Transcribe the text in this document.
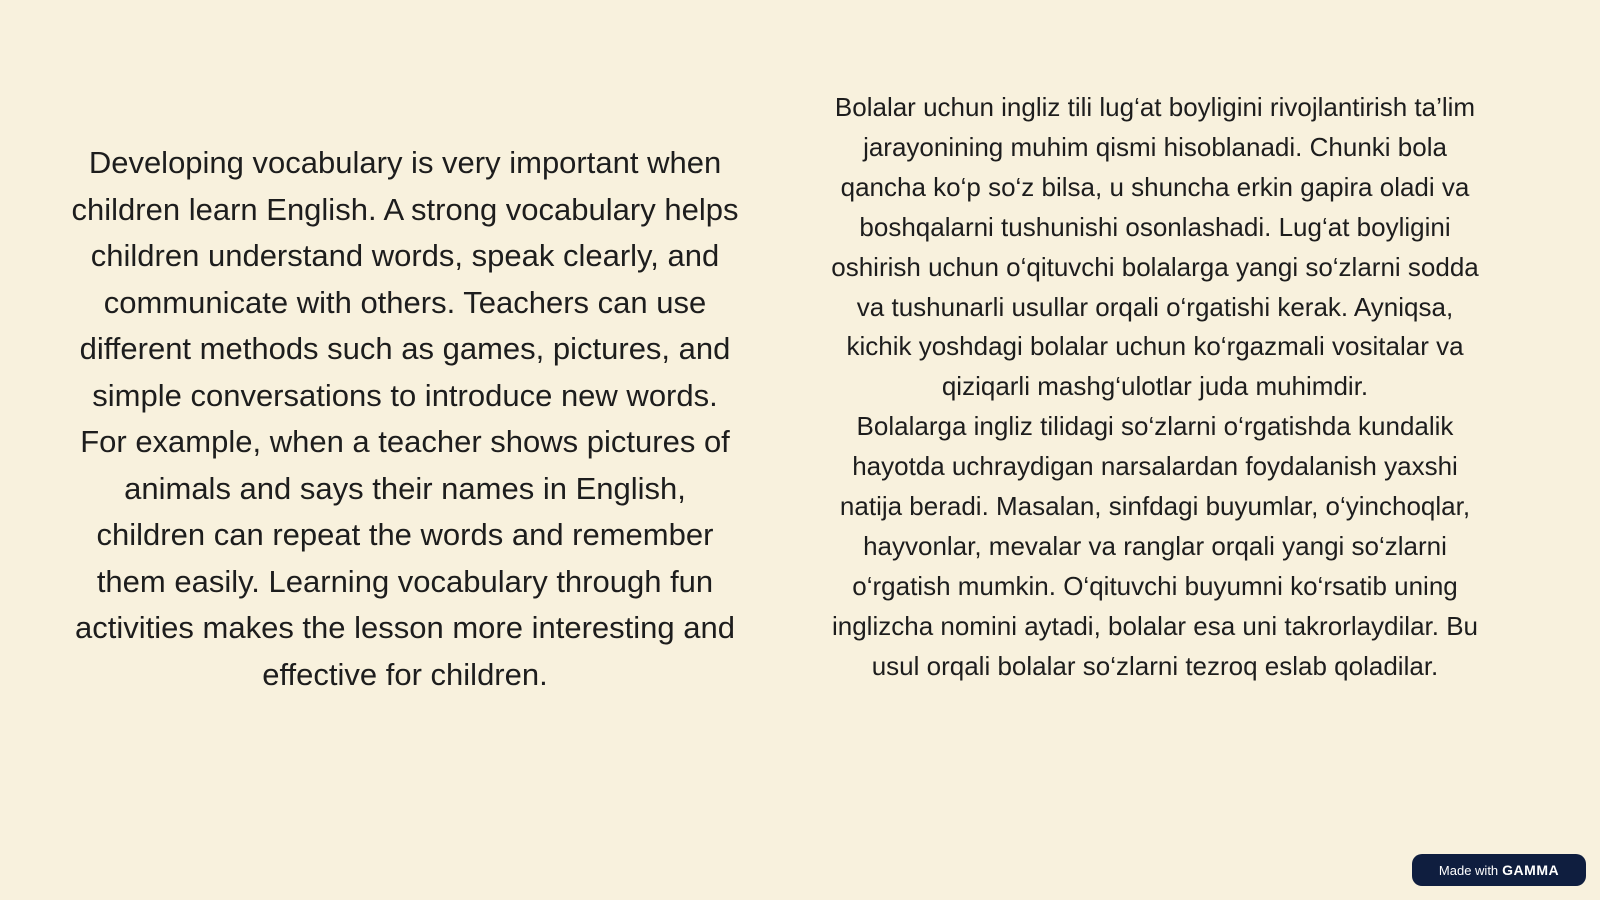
Developing vocabulary is very important when children learn English. A strong vocabulary helps children understand words, speak clearly, and communicate with others. Teachers can use different methods such as games, pictures, and simple conversations to introduce new words. For example, when a teacher shows pictures of animals and says their names in English, children can repeat the words and remember them easily. Learning vocabulary through fun activities makes the lesson more interesting and effective for children.

Bolalar uchun ingliz tili lug‘at boyligini rivojlantirish ta’lim jarayonining muhim qismi hisoblanadi. Chunki bola qancha ko‘p so‘z bilsa, u shuncha erkin gapira oladi va boshqalarni tushunishi osonlashadi. Lug‘at boyligini oshirish uchun o‘qituvchi bolalarga yangi so‘zlarni sodda va tushunarli usullar orqali o‘rgatishi kerak. Ayniqsa, kichik yoshdagi bolalar uchun ko‘rgazmali vositalar va qiziqarli mashg‘ulotlar juda muhimdir.

Bolalarga ingliz tilidagi so‘zlarni o‘rgatishda kundalik hayotda uchraydigan narsalardan foydalanish yaxshi natija beradi. Masalan, sinfdagi buyumlar, o‘yinchoqlar, hayvonlar, mevalar va ranglar orqali yangi so‘zlarni o‘rgatish mumkin. O‘qituvchi buyumni ko‘rsatib uning inglizcha nomini aytadi, bolalar esa uni takrorlaydilar. Bu usul orqali bolalar so‘zlarni tezroq eslab qoladilar.

Made with GAMMA
